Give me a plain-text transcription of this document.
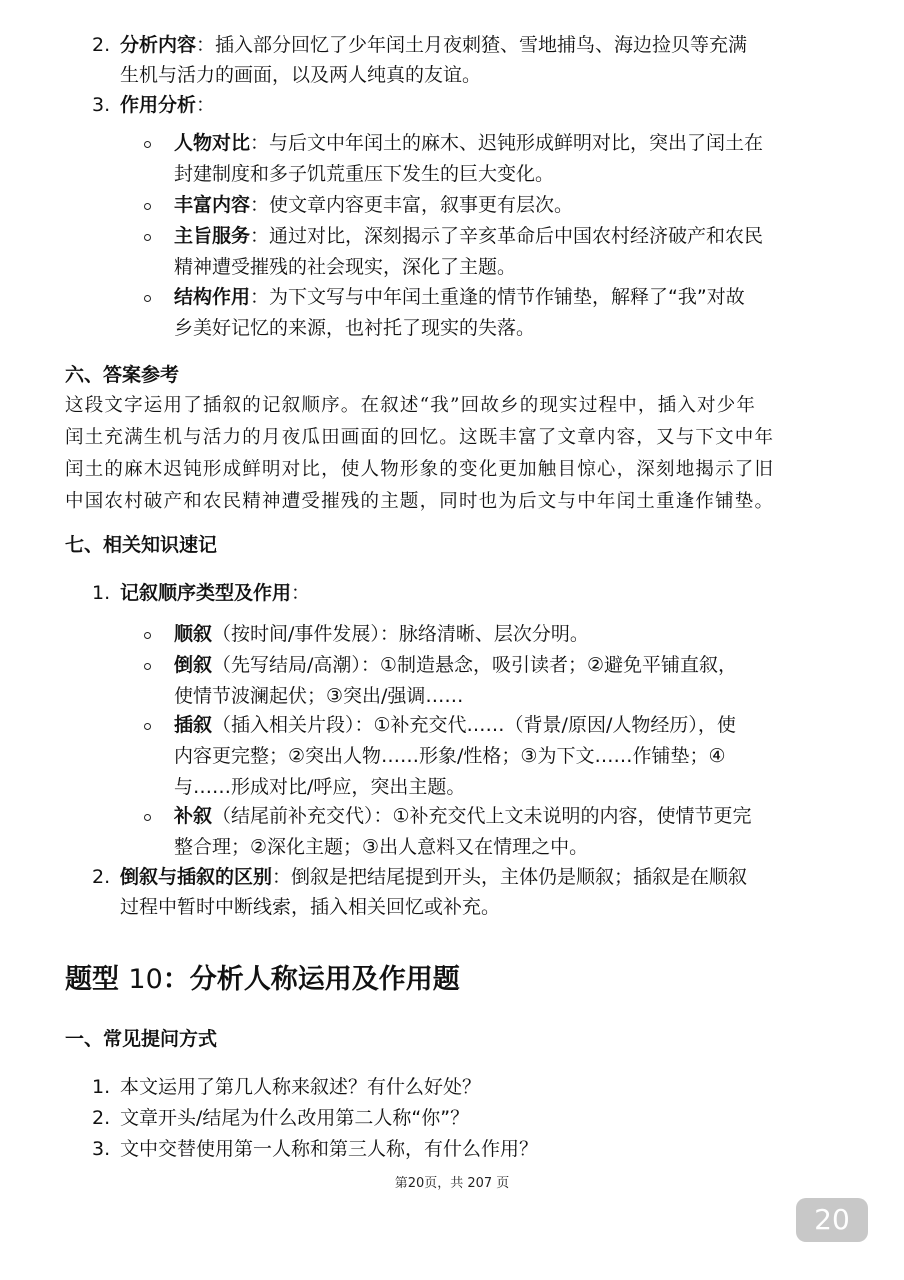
2. 分析内容：插入部分回忆了少年闰土月夜刺猹、雪地捕鸟、海边捡贝等充满
生机与活力的画面，以及两人纯真的友谊。
3. 作用分析：
人物对比：与后文中年闰土的麻木、迟钝形成鲜明对比，突出了闰土在
封建制度和多子饥荒重压下发生的巨大变化。
丰富内容：使文章内容更丰富，叙事更有层次。
主旨服务：通过对比，深刻揭示了辛亥革命后中国农村经济破产和农民
精神遭受摧残的社会现实，深化了主题。
结构作用：为下文写与中年闰土重逢的情节作铺垫，解释了“我”对故
乡美好记忆的来源，也衬托了现实的失落。
六、答案参考
这段文字运用了插叙的记叙顺序。在叙述“我”回故乡的现实过程中，插入对少年
闰土充满生机与活力的月夜瓜田画面的回忆。这既丰富了文章内容，又与下文中年
闰土的麻木迟钝形成鲜明对比，使人物形象的变化更加触目惊心，深刻地揭示了旧
中国农村破产和农民精神遭受摧残的主题，同时也为后文与中年闰土重逢作铺垫。
七、相关知识速记
1. 记叙顺序类型及作用：
顺叙（按时间/事件发展）：脉络清晰、层次分明。
倒叙（先写结局/高潮）：①制造悬念，吸引读者；②避免平铺直叙，
使情节波澜起伏；③突出/强调……
插叙（插入相关片段）：①补充交代……（背景/原因/人物经历），使
内容更完整；②突出人物……形象/性格；③为下文……作铺垫；④
与……形成对比/呼应，突出主题。
补叙（结尾前补充交代）：①补充交代上文未说明的内容，使情节更完
整合理；②深化主题；③出人意料又在情理之中。
2. 倒叙与插叙的区别：倒叙是把结尾提到开头，主体仍是顺叙；插叙是在顺叙
过程中暂时中断线索，插入相关回忆或补充。
题型 10：分析人称运用及作用题
一、常见提问方式
1. 本文运用了第几人称来叙述？有什么好处？
2. 文章开头/结尾为什么改用第二人称“你”？
3. 文中交替使用第一人称和第三人称，有什么作用？
第20页，共 207 页
20
